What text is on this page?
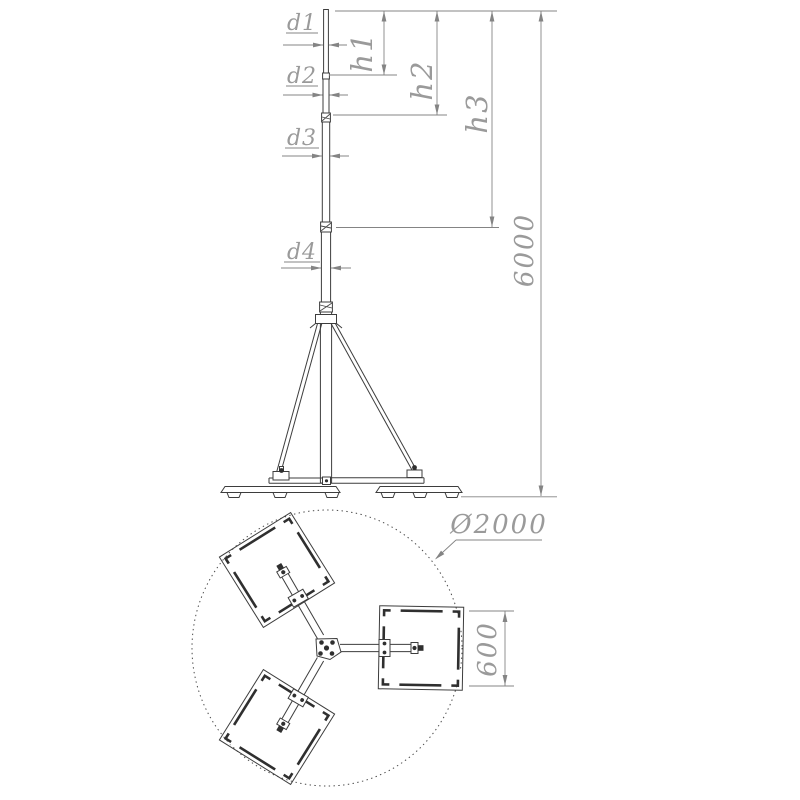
d1
d2
d3
d4
h1
h2
h3
6000
Ø2000
600
